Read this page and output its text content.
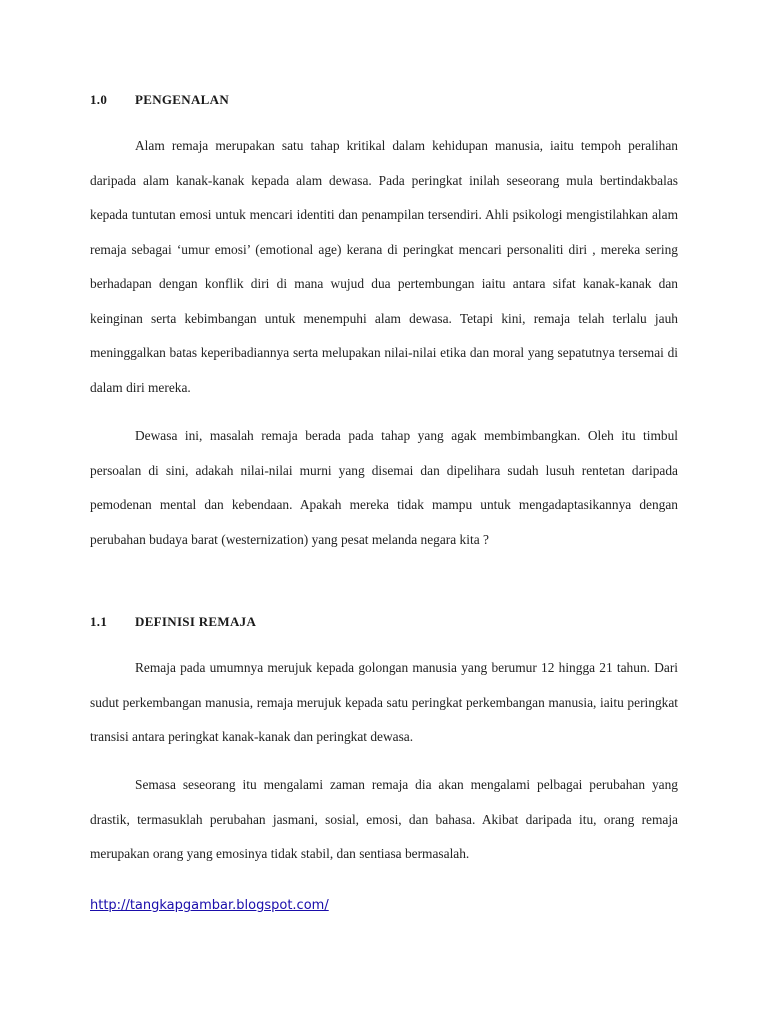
1.0 PENGENALAN

Alam remaja merupakan satu tahap kritikal dalam kehidupan manusia, iaitu tempoh peralihan daripada alam kanak-kanak kepada alam dewasa. Pada peringkat inilah seseorang mula bertindakbalas kepada tuntutan emosi untuk mencari identiti dan penampilan tersendiri. Ahli psikologi mengistilahkan alam remaja sebagai ‘umur emosi’ (emotional age) kerana di peringkat mencari personaliti diri , mereka sering berhadapan dengan konflik diri di mana wujud dua pertembungan iaitu antara sifat kanak-kanak dan keinginan serta kebimbangan untuk menempuhi alam dewasa. Tetapi kini, remaja telah terlalu jauh meninggalkan batas keperibadiannya serta melupakan nilai-nilai etika dan moral yang sepatutnya tersemai di dalam diri mereka.

Dewasa ini, masalah remaja berada pada tahap yang agak membimbangkan. Oleh itu timbul persoalan di sini, adakah nilai-nilai murni yang disemai dan dipelihara sudah lusuh rentetan daripada pemodenan mental dan kebendaan. Apakah mereka tidak mampu untuk mengadaptasikannya dengan perubahan budaya barat (westernization) yang pesat melanda negara kita ?

1.1 DEFINISI REMAJA

Remaja pada umumnya merujuk kepada golongan manusia yang berumur 12 hingga 21 tahun. Dari sudut perkembangan manusia, remaja merujuk kepada satu peringkat perkembangan manusia, iaitu peringkat transisi antara peringkat kanak-kanak dan peringkat dewasa.

Semasa seseorang itu mengalami zaman remaja dia akan mengalami pelbagai perubahan yang drastik, termasuklah perubahan jasmani, sosial, emosi, dan bahasa. Akibat daripada itu, orang remaja merupakan orang yang emosinya tidak stabil, dan sentiasa bermasalah.

http://tangkapgambar.blogspot.com/
